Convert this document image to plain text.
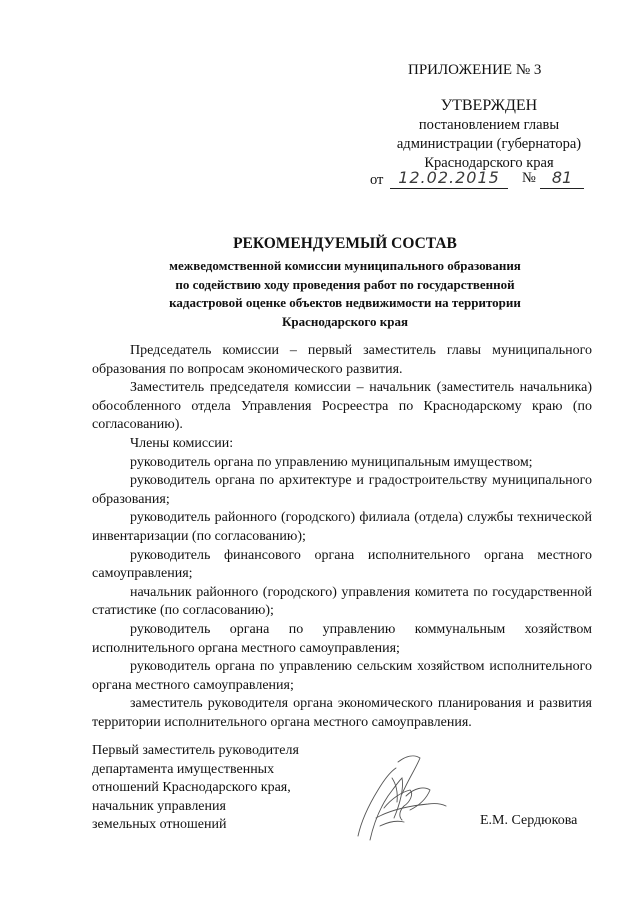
ПРИЛОЖЕНИЕ № 3
УТВЕРЖДЕН
постановлением главы
администрации (губернатора)
Краснодарского края
от 12.02.2015	№ 81
РЕКОМЕНДУЕМЫЙ СОСТАВ
межведомственной комиссии муниципального образования
по содействию ходу проведения работ по государственной
кадастровой оценке объектов недвижимости на территории
Краснодарского края

Председатель комиссии – первый заместитель главы муниципального образования по вопросам экономического развития.

Заместитель председателя комиссии – начальник (заместитель начальника) обособленного отдела Управления Росреестра по Краснодарскому краю (по согласованию).

Члены комиссии:

руководитель органа по управлению муниципальным имуществом;

руководитель органа по архитектуре и градостроительству муниципального образования;

руководитель районного (городского) филиала (отдела) службы технической инвентаризации (по согласованию);

руководитель финансового органа исполнительного органа местного самоуправления;

начальник районного (городского) управления комитета по государственной статистике (по согласованию);

руководитель органа по управлению коммунальным хозяйством исполнительного органа местного самоуправления;

руководитель органа по управлению сельским хозяйством исполнительного органа местного самоуправления;

заместитель руководителя органа экономического планирования и развития территории исполнительного органа местного самоуправления.

Первый заместитель руководителя
департамента имущественных
отношений Краснодарского края,
начальник управления
земельных отношений	Е.М. Сердюкова
